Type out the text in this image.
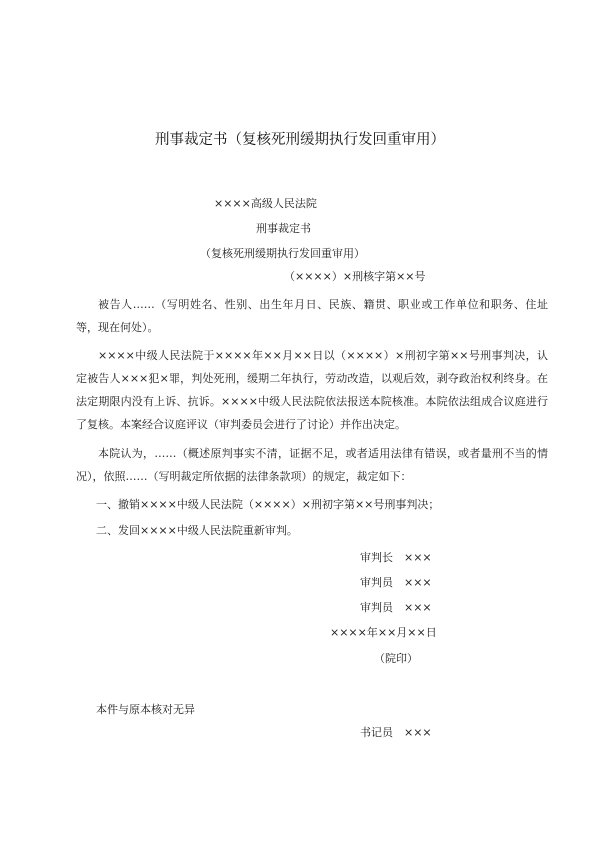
刑事裁定书（复核死刑缓期执行发回重审用）
××××高级人民法院
刑事裁定书
（复核死刑缓期执行发回重审用）
（××××）×刑核字第××号
被告人……（写明姓名、性别、出生年月日、民族、籍贯、职业或工作单位和职务、住址等，现在何处）。
××××中级人民法院于××××年××月××日以（××××）×刑初字第××号刑事判决，认定被告人×××犯×罪，判处死刑，缓期二年执行，劳动改造，以观后效，剥夺政治权利终身。在法定期限内没有上诉、抗诉。××××中级人民法院依法报送本院核准。本院依法组成合议庭进行了复核。本案经合议庭评议（审判委员会进行了讨论）并作出决定。
本院认为，……（概述原判事实不清，证据不足，或者适用法律有错误，或者量刑不当的情况），依照……（写明裁定所依据的法律条款项）的规定，裁定如下：
一、撤销××××中级人民法院（××××）×刑初字第××号刑事判决；
二、发回××××中级人民法院重新审判。
审判长　×××
审判员　×××
审判员　×××
××××年××月××日
（院印）
本件与原本核对无异
书记员　×××
